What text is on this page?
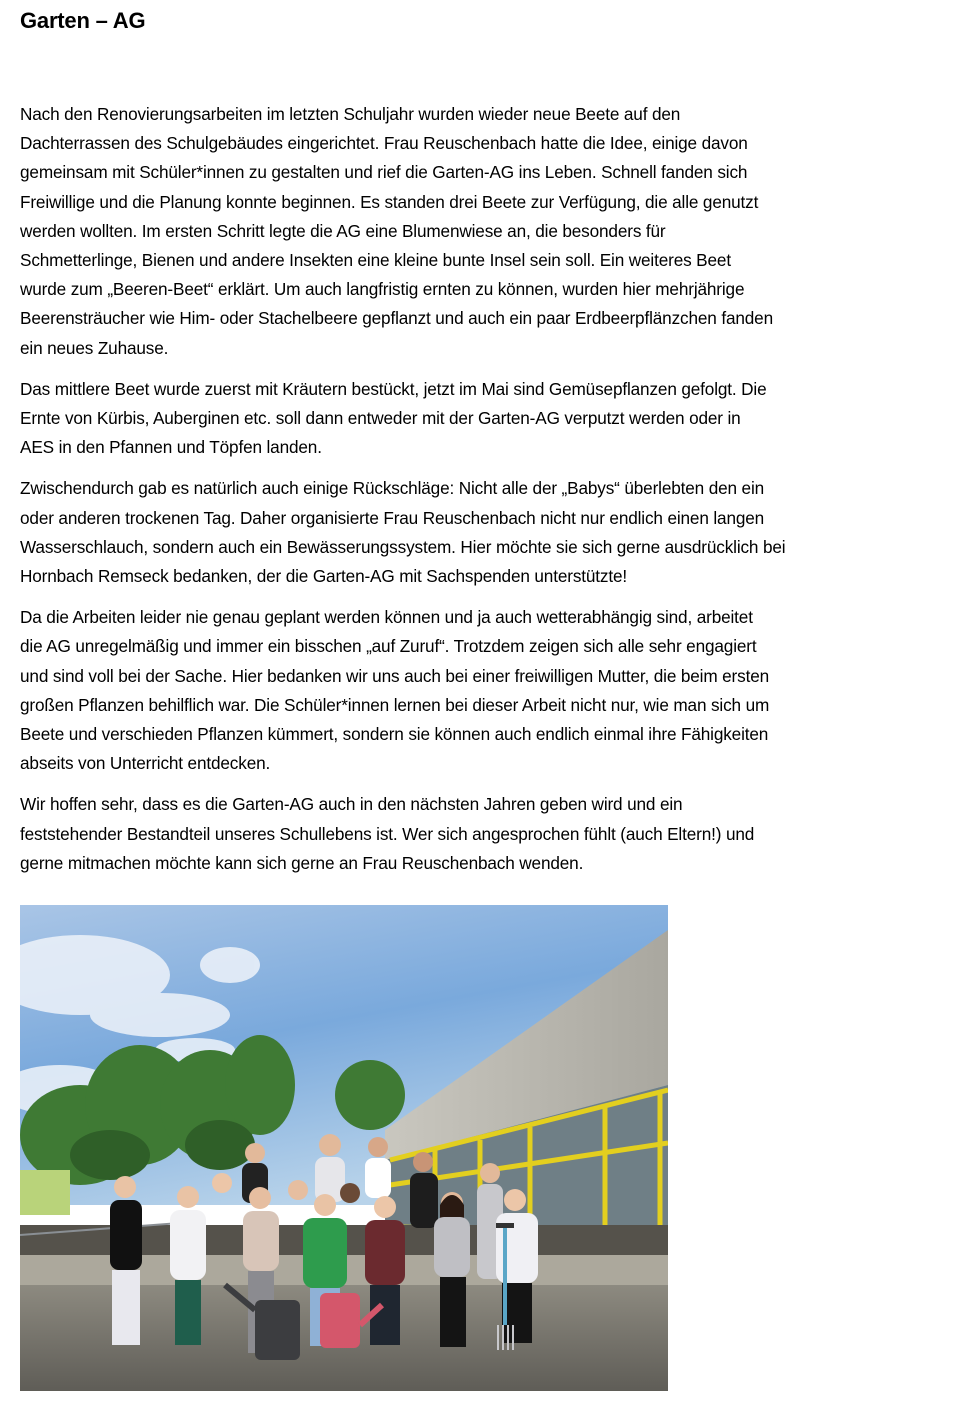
Garten – AG

Nach den Renovierungsarbeiten im letzten Schuljahr wurden wieder neue Beete auf den
Dachterrassen des Schulgebäudes eingerichtet. Frau Reuschenbach hatte die Idee, einige davon
gemeinsam mit Schüler*innen zu gestalten und rief die Garten-AG ins Leben. Schnell fanden sich
Freiwillige und die Planung konnte beginnen. Es standen drei Beete zur Verfügung, die alle genutzt
werden wollten. Im ersten Schritt legte die AG eine Blumenwiese an, die besonders für
Schmetterlinge, Bienen und andere Insekten eine kleine bunte Insel sein soll. Ein weiteres Beet
wurde zum „Beeren-Beet“ erklärt. Um auch langfristig ernten zu können, wurden hier mehrjährige
Beerensträucher wie Him- oder Stachelbeere gepflanzt und auch ein paar Erdbeerpflänzchen fanden
ein neues Zuhause.

Das mittlere Beet wurde zuerst mit Kräutern bestückt, jetzt im Mai sind Gemüsepflanzen gefolgt. Die
Ernte von Kürbis, Auberginen etc. soll dann entweder mit der Garten-AG verputzt werden oder in
AES in den Pfannen und Töpfen landen.

Zwischendurch gab es natürlich auch einige Rückschläge: Nicht alle der „Babys“ überlebten den ein
oder anderen trockenen Tag. Daher organisierte Frau Reuschenbach nicht nur endlich einen langen
Wasserschlauch, sondern auch ein Bewässerungssystem. Hier möchte sie sich gerne ausdrücklich bei
Hornbach Remseck bedanken, der die Garten-AG mit Sachspenden unterstützte!

Da die Arbeiten leider nie genau geplant werden können und ja auch wetterabhängig sind, arbeitet
die AG unregelmäßig und immer ein bisschen „auf Zuruf“. Trotzdem zeigen sich alle sehr engagiert
und sind voll bei der Sache. Hier bedanken wir uns auch bei einer freiwilligen Mutter, die beim ersten
großen Pflanzen behilflich war. Die Schüler*innen lernen bei dieser Arbeit nicht nur, wie man sich um
Beete und verschieden Pflanzen kümmert, sondern sie können auch endlich einmal ihre Fähigkeiten
abseits von Unterricht entdecken.

Wir hoffen sehr, dass es die Garten-AG auch in den nächsten Jahren geben wird und ein
feststehender Bestandteil unseres Schullebens ist. Wer sich angesprochen fühlt (auch Eltern!) und
gerne mitmachen möchte kann sich gerne an Frau Reuschenbach wenden.
